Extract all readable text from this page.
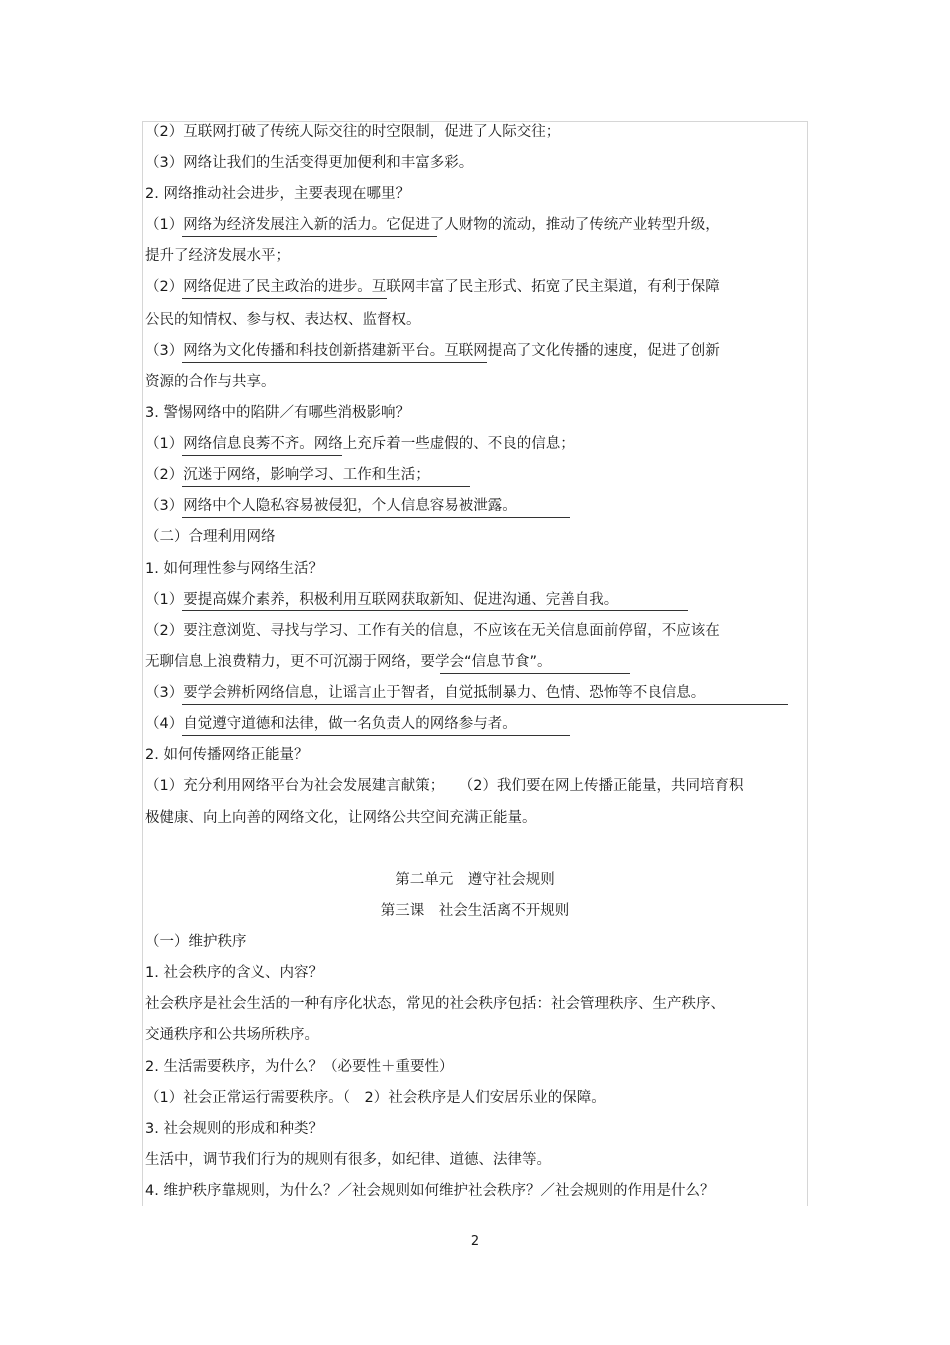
（2）互联网打破了传统人际交往的时空限制，促进了人际交往；
（3）网络让我们的生活变得更加便利和丰富多彩。
2. 网络推动社会进步，主要表现在哪里？
（1）网络为经济发展注入新的活力。它促进了人财物的流动，推动了传统产业转型升级，
提升了经济发展水平；
（2）网络促进了民主政治的进步。互联网丰富了民主形式、拓宽了民主渠道，有利于保障
公民的知情权、参与权、表达权、监督权。
（3）网络为文化传播和科技创新搭建新平台。互联网提高了文化传播的速度，促进了创新
资源的合作与共享。
3. 警惕网络中的陷阱／有哪些消极影响？
（1）网络信息良莠不齐。网络上充斥着一些虚假的、不良的信息；
（2）沉迷于网络，影响学习、工作和生活；
（3）网络中个人隐私容易被侵犯，个人信息容易被泄露。
（二）合理利用网络
1. 如何理性参与网络生活？
（1）要提高媒介素养，积极利用互联网获取新知、促进沟通、完善自我。
（2）要注意浏览、寻找与学习、工作有关的信息，不应该在无关信息面前停留，不应该在
无聊信息上浪费精力，更不可沉溺于网络，要学会“信息节食”。
（3）要学会辨析网络信息，让谣言止于智者，自觉抵制暴力、色情、恐怖等不良信息。
（4）自觉遵守道德和法律，做一名负责人的网络参与者。
2. 如何传播网络正能量？
（1）充分利用网络平台为社会发展建言献策；　　（2）我们要在网上传播正能量，共同培育积
极健康、向上向善的网络文化，让网络公共空间充满正能量。
第二单元　遵守社会规则
第三课　社会生活离不开规则
（一）维护秩序
1. 社会秩序的含义、内容？
社会秩序是社会生活的一种有序化状态，常见的社会秩序包括：社会管理秩序、生产秩序、
交通秩序和公共场所秩序。
2. 生活需要秩序，为什么？（必要性＋重要性）
（1）社会正常运行需要秩序。（　2）社会秩序是人们安居乐业的保障。
3. 社会规则的形成和种类？
生活中，调节我们行为的规则有很多，如纪律、道德、法律等。
4. 维护秩序靠规则，为什么？／社会规则如何维护社会秩序？／社会规则的作用是什么？
2
